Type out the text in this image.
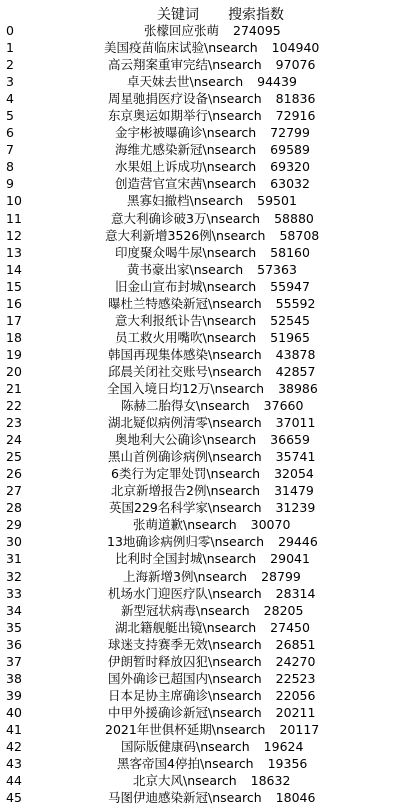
关键词 搜索指数
0	张檬回应张萌 274095
1	美国疫苗临床试验\nsearch 104940
2	高云翔案重审完结\nsearch 97076
3	卓天妹去世\nsearch 94439
4	周星驰捐医疗设备\nsearch 81836
5	东京奥运如期举行\nsearch 72916
6	金宇彬被曝确诊\nsearch 72799
7	海维尤感染新冠\nsearch 69589
8	水果姐上诉成功\nsearch 69320
9	创造营官宣宋茜\nsearch 63032
10	黑寡妇撤档\nsearch 59501
11	意大利确诊破3万\nsearch 58880
12	意大利新增3526例\nsearch 58708
13	印度聚众喝牛尿\nsearch 58160
14	黄书豪出家\nsearch 57363
15	旧金山宣布封城\nsearch 55947
16	曝杜兰特感染新冠\nsearch 55592
17	意大利报纸讣告\nsearch 52545
18	员工救火用嘴吹\nsearch 51965
19	韩国再现集体感染\nsearch 43878
20	邱晨关闭社交账号\nsearch 42857
21	全国入境日均12万\nsearch 38986
22	陈赫二胎得女\nsearch 37660
23	湖北疑似病例清零\nsearch 37011
24	奥地利大公确诊\nsearch 36659
25	黑山首例确诊病例\nsearch 35741
26	6类行为定罪处罚\nsearch 32054
27	北京新增报告2例\nsearch 31479
28	英国229名科学家\nsearch 31239
29	张萌道歉\nsearch 30070
30	13地确诊病例归零\nsearch 29446
31	比利时全国封城\nsearch 29041
32	上海新增3例\nsearch 28799
33	机场水门迎医疗队\nsearch 28314
34	新型冠状病毒\nsearch 28205
35	湖北籍舰艇出镜\nsearch 27450
36	球迷支持赛季无效\nsearch 26851
37	伊朗暂时释放囚犯\nsearch 24270
38	国外确诊已超国内\nsearch 22523
39	日本足协主席确诊\nsearch 22056
40	中甲外援确诊新冠\nsearch 20211
41	2021年世俱杯延期\nsearch 20117
42	国际版健康码\nsearch 19624
43	黑客帝国4停拍\nsearch 19356
44	北京大风\nsearch 18632
45	马图伊迪感染新冠\nsearch 18046
